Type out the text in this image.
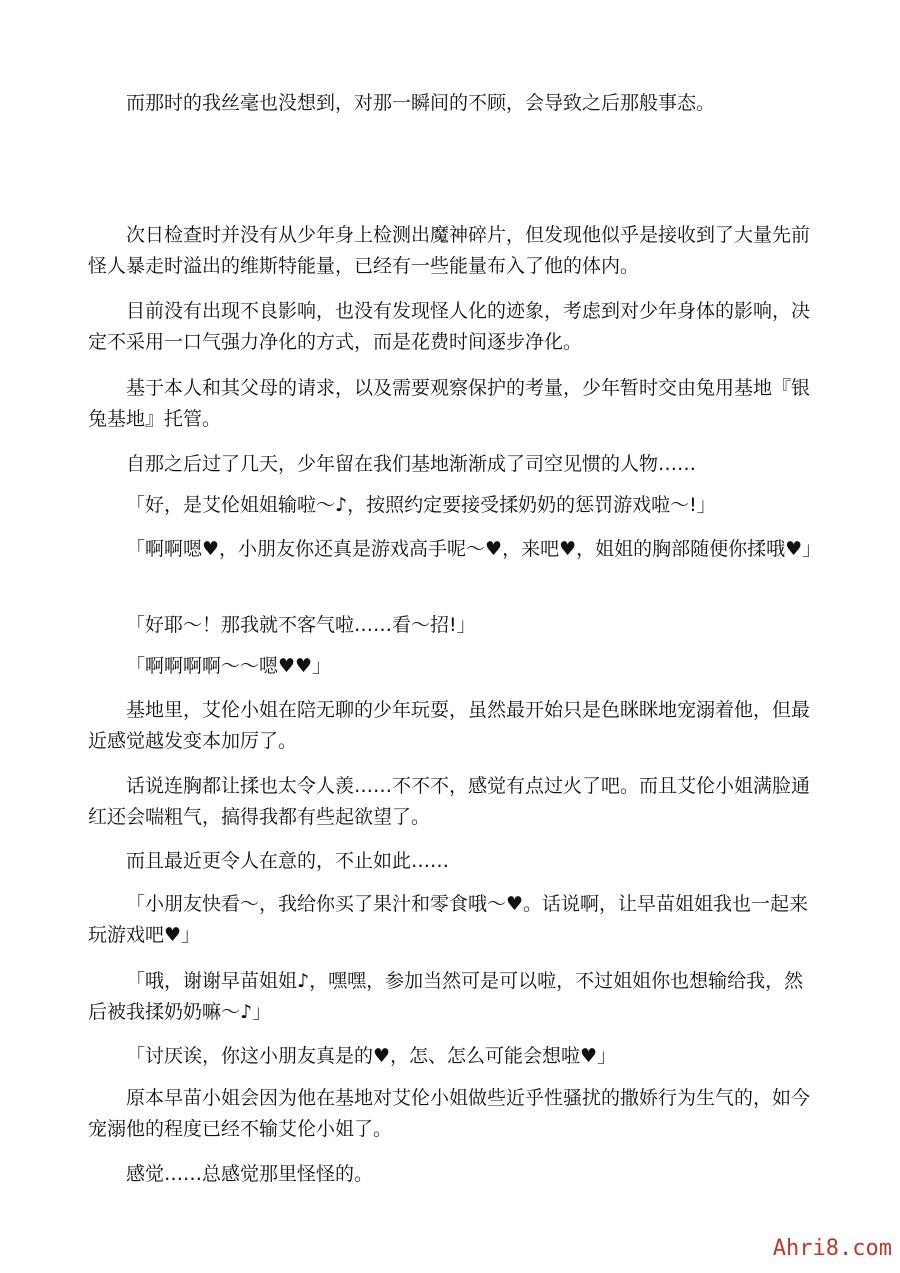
而那时的我丝毫也没想到，对那一瞬间的不顾，会导致之后那般事态。

次日检查时并没有从少年身上检测出魔神碎片，但发现他似乎是接收到了大量先前怪人暴走时溢出的维斯特能量，已经有一些能量布入了他的体内。

目前没有出现不良影响，也没有发现怪人化的迹象，考虑到对少年身体的影响，决定不采用一口气强力净化的方式，而是花费时间逐步净化。

基于本人和其父母的请求，以及需要观察保护的考量，少年暂时交由兔用基地『银兔基地』托管。

自那之后过了几天，少年留在我们基地渐渐成了司空见惯的人物……

「好，是艾伦姐姐输啦～♪，按照约定要接受揉奶奶的惩罚游戏啦～!」

「啊啊嗯♥，小朋友你还真是游戏高手呢～♥，来吧♥，姐姐的胸部随便你揉哦♥」

「好耶～！那我就不客气啦……看～招!」

「啊啊啊啊～～嗯♥♥」

基地里，艾伦小姐在陪无聊的少年玩耍，虽然最开始只是色眯眯地宠溺着他，但最近感觉越发变本加厉了。

话说连胸都让揉也太令人羡……不不不，感觉有点过火了吧。而且艾伦小姐满脸通红还会喘粗气，搞得我都有些起欲望了。

而且最近更令人在意的，不止如此……

「小朋友快看～，我给你买了果汁和零食哦～♥。话说啊，让早苗姐姐我也一起来玩游戏吧♥」

「哦，谢谢早苗姐姐♪，嘿嘿，参加当然可是可以啦，不过姐姐你也想输给我，然后被我揉奶奶嘛～♪」

「讨厌诶，你这小朋友真是的♥，怎、怎么可能会想啦♥」

原本早苗小姐会因为他在基地对艾伦小姐做些近乎性骚扰的撒娇行为生气的，如今宠溺他的程度已经不输艾伦小姐了。

感觉……总感觉那里怪怪的。

Ahri8.com
